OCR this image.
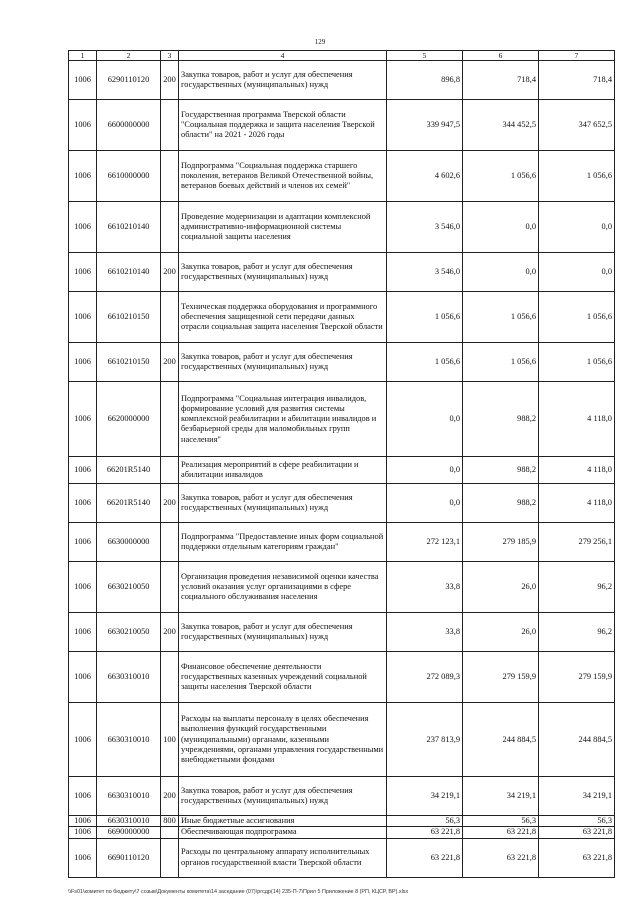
129
1	2	3	4	5	6	7
1006	6290110120	200	Закупка товаров, работ и услуг для обеспечения государственных (муниципальных) нужд	896,8	718,4	718,4
1006	6600000000		Государственная программа Тверской области "Социальная поддержка и защита населения Тверской области" на 2021 - 2026 годы	339 947,5	344 452,5	347 652,5
1006	6610000000		Подпрограмма "Социальная поддержка старшего поколения, ветеранов Великой Отечественной войны, ветеранов боевых действий и членов их семей"	4 602,6	1 056,6	1 056,6
1006	6610210140		Проведение модернизации и адаптации комплексной административно-информационной системы социальной защиты населения	3 546,0	0,0	0,0
1006	6610210140	200	Закупка товаров, работ и услуг для обеспечения государственных (муниципальных) нужд	3 546,0	0,0	0,0
1006	6610210150		Техническая поддержка оборудования и программного обеспечения защищенной сети передачи данных отрасли социальная защита населения Тверской области	1 056,6	1 056,6	1 056,6
1006	6610210150	200	Закупка товаров, работ и услуг для обеспечения государственных (муниципальных) нужд	1 056,6	1 056,6	1 056,6
1006	6620000000		Подпрограмма "Социальная интеграция инвалидов, формирование условий для развития системы комплексной реабилитации и абилитации инвалидов и безбарьерной среды для маломобильных групп населения"	0,0	988,2	4 118,0
1006	66201R5140		Реализация мероприятий в сфере реабилитации и абилитации инвалидов	0,0	988,2	4 118,0
1006	66201R5140	200	Закупка товаров, работ и услуг для обеспечения государственных (муниципальных) нужд	0,0	988,2	4 118,0
1006	6630000000		Подпрограмма "Предоставление иных форм социальной поддержки отдельным категориям граждан"	272 123,1	279 185,9	279 256,1
1006	6630210050		Организация проведения независимой оценки качества условий оказания услуг организациями в сфере социального обслуживания населения	33,8	26,0	96,2
1006	6630210050	200	Закупка товаров, работ и услуг для обеспечения государственных (муниципальных) нужд	33,8	26,0	96,2
1006	6630310010		Финансовое обеспечение деятельности государственных казенных учреждений социальной защиты населения Тверской области	272 089,3	279 159,9	279 159,9
1006	6630310010	100	Расходы на выплаты персоналу в целях обеспечения выполнения функций государственными (муниципальными) органами, казенными учреждениями, органами управления государственными внебюджетными фондами	237 813,9	244 884,5	244 884,5
1006	6630310010	200	Закупка товаров, работ и услуг для обеспечения государственных (муниципальных) нужд	34 219,1	34 219,1	34 219,1
1006	6630310010	800	Иные бюджетные ассигнования	56,3	56,3	56,3
1006	6690000000		Обеспечивающая подпрограмма	63 221,8	63 221,8	63 221,8
1006	6690110120		Расходы по центральному аппарату исполнительных органов государственной власти Тверской области	63 221,8	63 221,8	63 221,8
\\Fs01\комитет по бюджету\7 созыв\Документы комитета\14 заседание (07)\ргсдр(14) 235-П-7\Прил 5 Приложение 8 (РП, КЦСР, ВР).xlsx
